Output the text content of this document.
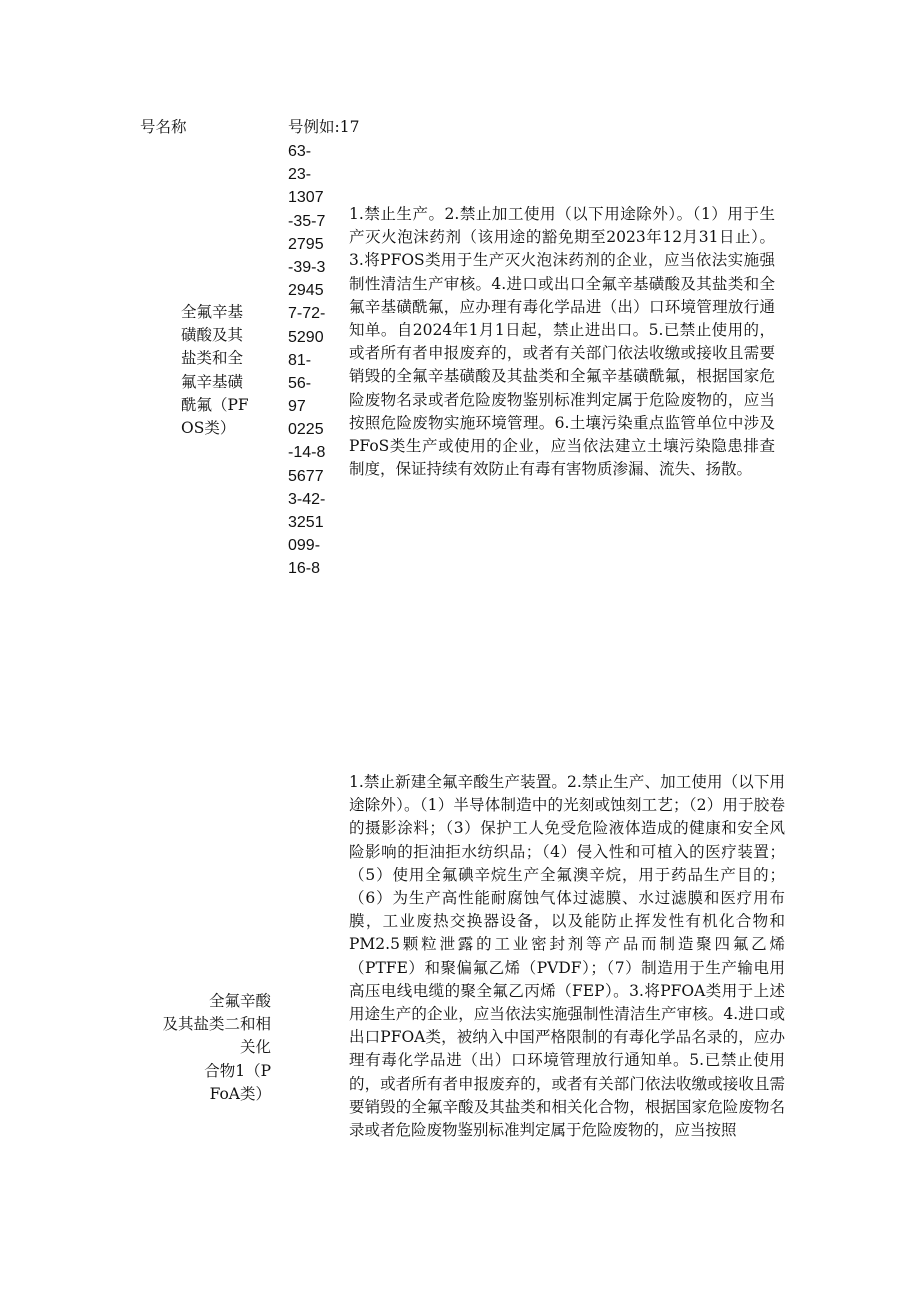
号名称	号例如:17
63-
23-
1307
-35-7
2795
-39-3
2945
7-72-
5290
81-
56-
97
0225
-14-8
5677
3-42-
3251
099-
16-8
全氟辛基
磺酸及其
盐类和全
氟辛基磺
酰氟（PF
OS类）
1.禁止生产。2.禁止加工使用（以下用途除外）。（1）用于生产灭火泡沫药剂（该用途的豁免期至2023年12月31日止）。3.将PFOS类用于生产灭火泡沫药剂的企业，应当依法实施强制性清洁生产审核。4.进口或出口全氟辛基磺酸及其盐类和全氟辛基磺酰氟，应办理有毒化学品进（出）口环境管理放行通知单。自2024年1月1日起，禁止进出口。5.已禁止使用的，或者所有者申报废弃的，或者有关部门依法收缴或接收且需要销毁的全氟辛基磺酸及其盐类和全氟辛基磺酰氟，根据国家危险废物名录或者危险废物鉴别标准判定属于危险废物的，应当按照危险废物实施环境管理。6.土壤污染重点监管单位中涉及PFoS类生产或使用的企业，应当依法建立土壤污染隐患排查制度，保证持续有效防止有毒有害物质渗漏、流失、扬散。
全氟辛酸
及其盐类二和相
关化
合物1（P
FoA类）
1.禁止新建全氟辛酸生产装置。2.禁止生产、加工使用（以下用途除外）。（1）半导体制造中的光刻或蚀刻工艺；（2）用于胶卷的摄影涂料；（3）保护工人免受危险液体造成的健康和安全风险影响的拒油拒水纺织品；（4）侵入性和可植入的医疗装置；（5）使用全氟碘辛烷生产全氟澳辛烷，用于药品生产目的；（6）为生产高性能耐腐蚀气体过滤膜、水过滤膜和医疗用布膜，工业废热交换器设备，以及能防止挥发性有机化合物和PM2.5颗粒泄露的工业密封剂等产品而制造聚四氟乙烯（PTFE）和聚偏氟乙烯（PVDF）；（7）制造用于生产输电用高压电线电缆的聚全氟乙丙烯（FEP）。3.将PFOA类用于上述用途生产的企业，应当依法实施强制性清洁生产审核。4.进口或出口PFOA类，被纳入中国严格限制的有毒化学品名录的，应办理有毒化学品进（出）口环境管理放行通知单。5.已禁止使用的，或者所有者申报废弃的，或者有关部门依法收缴或接收且需要销毁的全氟辛酸及其盐类和相关化合物，根据国家危险废物名录或者危险废物鉴别标准判定属于危险废物的，应当按照
